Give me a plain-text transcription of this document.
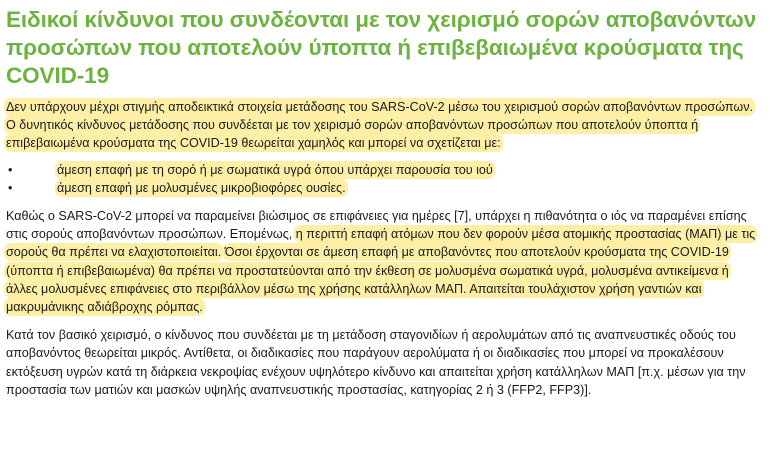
Ειδικοί κίνδυνοι που συνδέονται με τον χειρισμό σορών αποβανόντων προσώπων που αποτελούν ύποπτα ή επιβεβαιωμένα κρούσματα της COVID-19

Δεν υπάρχουν μέχρι στιγμής αποδεικτικά στοιχεία μετάδοσης του SARS-CoV-2 μέσω του χειρισμού σορών αποβανόντων προσώπων. Ο δυνητικός κίνδυνος μετάδοσης που συνδέεται με τον χειρισμό σορών αποβανόντων προσώπων που αποτελούν ύποπτα ή επιβεβαιωμένα κρούσματα της COVID-19 θεωρείται χαμηλός και μπορεί να σχετίζεται με:

•	άμεση επαφή με τη σορό ή με σωματικά υγρά όπου υπάρχει παρουσία του ιού
•	άμεση επαφή με μολυσμένες μικροβιοφόρες ουσίες.

Καθώς ο SARS-CoV-2 μπορεί να παραμείνει βιώσιμος σε επιφάνειες για ημέρες [7], υπάρχει η πιθανότητα ο ιός να παραμένει επίσης στις σορούς αποβανόντων προσώπων. Επομένως, η περιττή επαφή ατόμων που δεν φορούν μέσα ατομικής προστασίας (ΜΑΠ) με τις σορούς θα πρέπει να ελαχιστοποιείται. Όσοι έρχονται σε άμεση επαφή με αποβανόντες που αποτελούν κρούσματα της COVID-19 (ύποπτα ή επιβεβαιωμένα) θα πρέπει να προστατεύονται από την έκθεση σε μολυσμένα σωματικά υγρά, μολυσμένα αντικείμενα ή άλλες μολυσμένες επιφάνειες στο περιβάλλον μέσω της χρήσης κατάλληλων ΜΑΠ. Απαιτείται τουλάχιστον χρήση γαντιών και μακρυμάνικης αδιάβροχης ρόμπας.

Κατά τον βασικό χειρισμό, ο κίνδυνος που συνδέεται με τη μετάδοση σταγονιδίων ή αερολυμάτων από τις αναπνευστικές οδούς του αποβανόντος θεωρείται μικρός. Αντίθετα, οι διαδικασίες που παράγουν αερολύματα ή οι διαδικασίες που μπορεί να προκαλέσουν εκτόξευση υγρών κατά τη διάρκεια νεκροψίας ενέχουν υψηλότερο κίνδυνο και απαιτείται χρήση κατάλληλων ΜΑΠ [π.χ. μέσων για την προστασία των ματιών και μασκών υψηλής αναπνευστικής προστασίας, κατηγορίας 2 ή 3 (FFP2, FFP3)].
